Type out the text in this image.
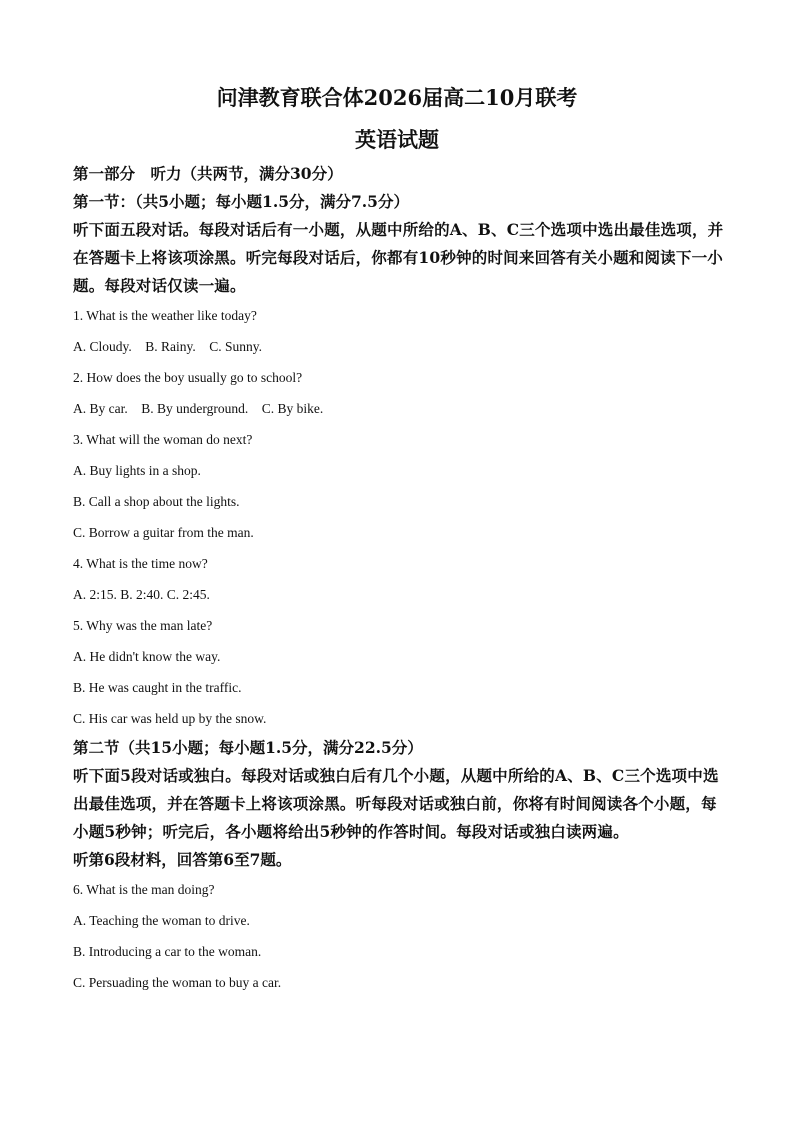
问津教育联合体2026届高二10月联考
英语试题
第一部分　听力（共两节，满分30分）
第一节：（共5小题；每小题1.5分，满分7.5分）
听下面五段对话。每段对话后有一小题，从题中所给的A、B、C三个选项中选出最佳选项，并在答题卡上将该项涂黑。听完每段对话后，你都有10秒钟的时间来回答有关小题和阅读下一小题。每段对话仅读一遍。
1. What is the weather like today?
A. Cloudy.    B. Rainy.    C. Sunny.
2. How does the boy usually go to school?
A. By car.    B. By underground.    C. By bike.
3. What will the woman do next?
A. Buy lights in a shop.
B. Call a shop about the lights.
C. Borrow a guitar from the man.
4. What is the time now?
A. 2:15. B. 2:40. C. 2:45.
5. Why was the man late?
A. He didn't know the way.
B. He was caught in the traffic.
C. His car was held up by the snow.
第二节（共15小题；每小题1.5分，满分22.5分）
听下面5段对话或独白。每段对话或独白后有几个小题，从题中所给的A、B、C三个选项中选出最佳选项，并在答题卡上将该项涂黑。听每段对话或独白前，你将有时间阅读各个小题，每小题5秒钟；听完后，各小题将给出5秒钟的作答时间。每段对话或独白读两遍。
听第6段材料，回答第6至7题。
6. What is the man doing?
A. Teaching the woman to drive.
B. Introducing a car to the woman.
C. Persuading the woman to buy a car.
